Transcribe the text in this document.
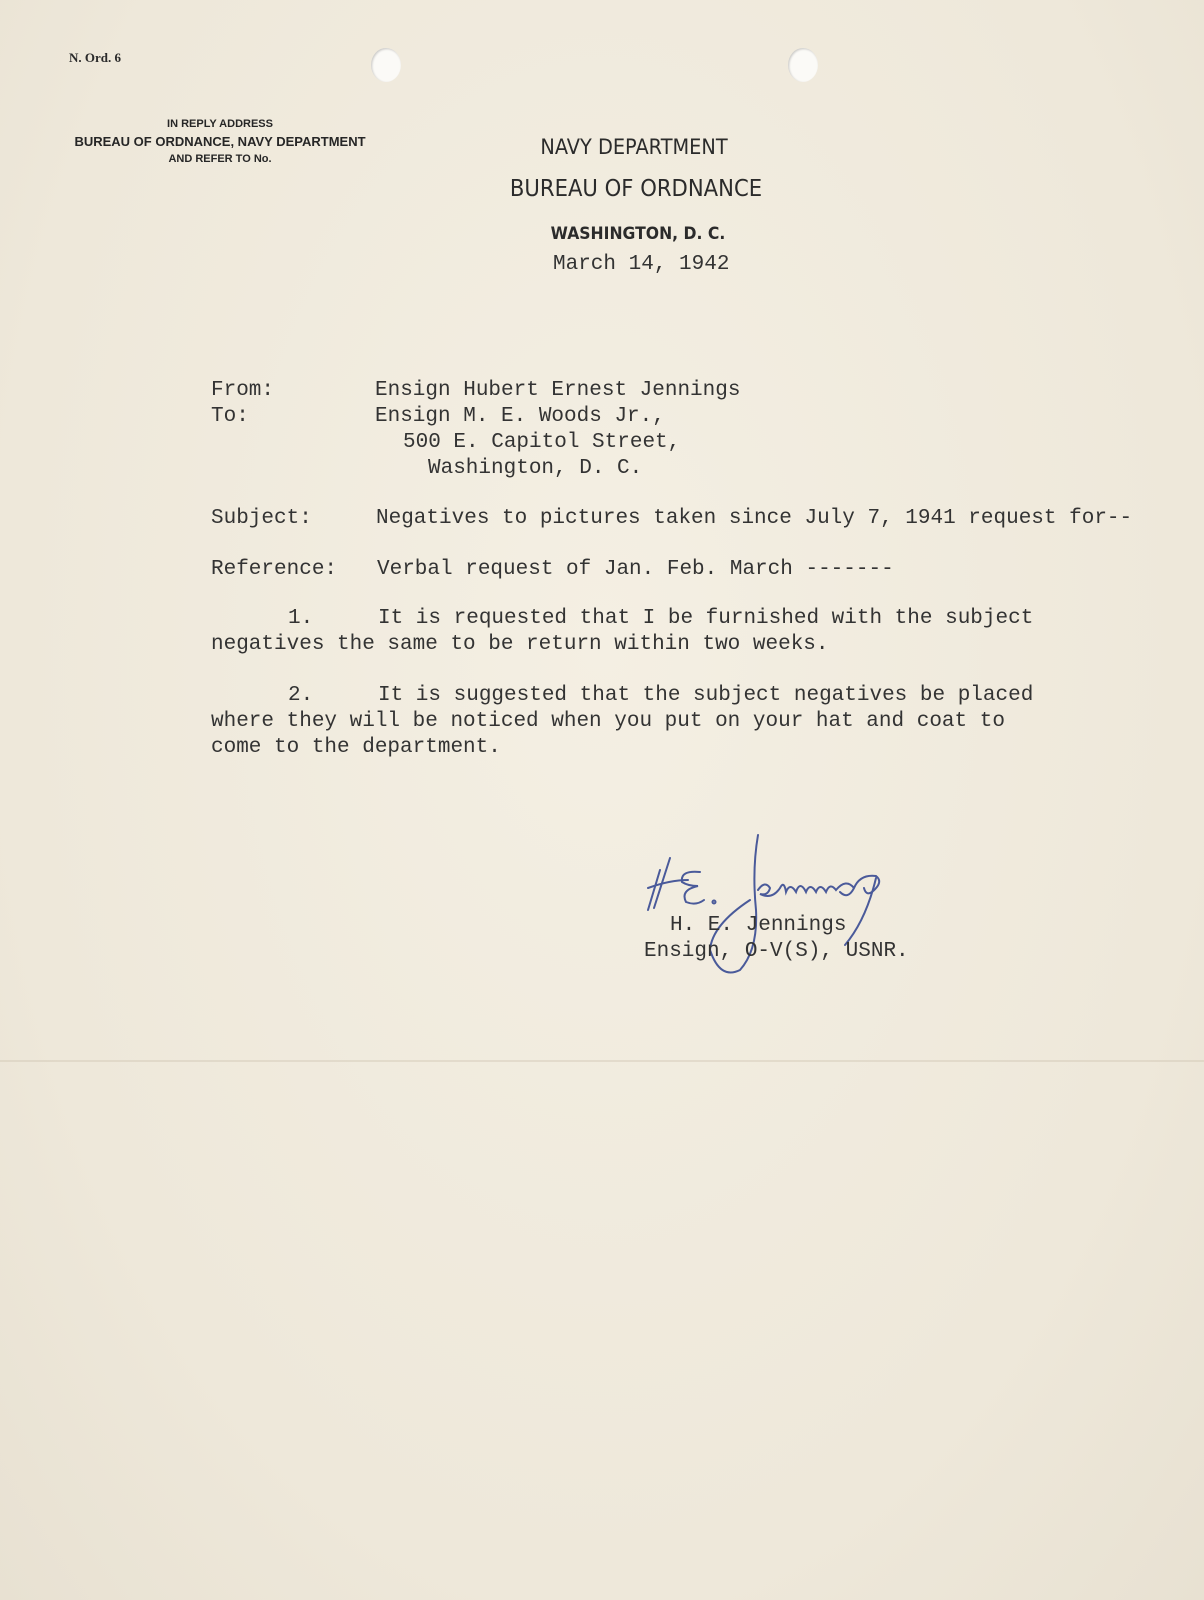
N. Ord. 6
IN REPLY ADDRESS
BUREAU OF ORDNANCE, NAVY DEPARTMENT
AND REFER TO No.	NAVY DEPARTMENT
BUREAU OF ORDNANCE
WASHINGTON, D. C.
March 14, 1942
From:	Ensign Hubert Ernest Jennings
To:	Ensign M. E. Woods Jr.,
500 E. Capitol Street,
Washington, D. C.
Subject:	Negatives to pictures taken since July 7, 1941 request for--
Reference: Verbal request of Jan. Feb. March -------
1.	It is requested that I be furnished with the subject
negatives the same to be return within two weeks.
2.	It is suggested that the subject negatives be placed
where they will be noticed when you put on your hat and coat to
come to the department.
H. E. Jennings
Ensign, O-V(S), USNR.
